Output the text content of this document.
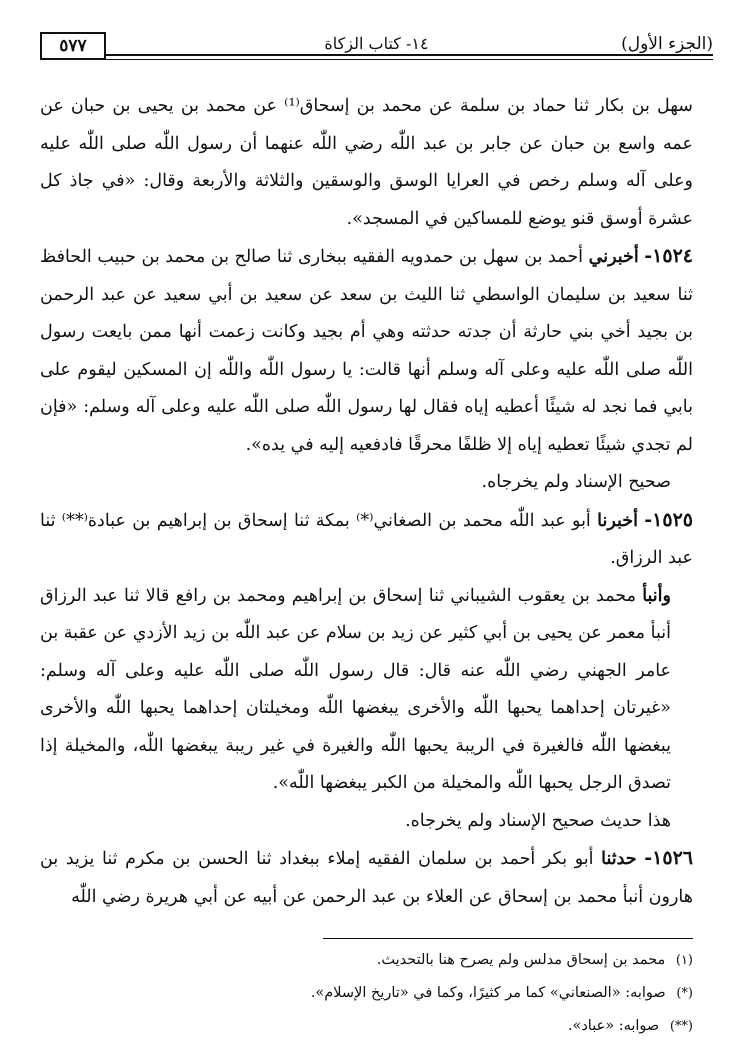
(الجزء الأول)
١٤- كتاب الزكاة
٥٧٧

سهل بن بكار ثنا حماد بن سلمة عن محمد بن إسحاق⁽¹⁾ عن محمد بن يحيى بن حبان عن عمه واسع بن حبان عن جابر بن عبد اللّٰه رضي اللّٰه عنهما أن رسول اللّٰه صلى اللّٰه عليه وعلى آله وسلم رخص في العرايا الوسق والوسقين والثلاثة والأربعة وقال: «في جاذ كل عشرة أوسق قنو يوضع للمساكين في المسجد».

١٥٢٤- أخبرني أحمد بن سهل بن حمدويه الفقيه ببخارى ثنا صالح بن محمد بن حبيب الحافظ ثنا سعيد بن سليمان الواسطي ثنا الليث بن سعد عن سعيد بن أبي سعيد عن عبد الرحمن بن بجيد أخي بني حارثة أن جدته حدثته وهي أم بجيد وكانت زعمت أنها ممن بايعت رسول اللّٰه صلى اللّٰه عليه وعلى آله وسلم أنها قالت: يا رسول اللّٰه واللّٰه إن المسكين ليقوم على بابي فما نجد له شيئًا أعطيه إياه فقال لها رسول اللّٰه صلى اللّٰه عليه وعلى آله وسلم: «فإن لم تجدي شيئًا تعطيه إياه إلا ظلفًا محرقًا فادفعيه إليه في يده».

صحيح الإسناد ولم يخرجاه.

١٥٢٥- أخبرنا أبو عبد اللّٰه محمد بن الصغاني⁽*⁾ بمكة ثنا إسحاق بن إبراهيم بن عبادة⁽**⁾ ثنا عبد الرزاق.

وأنبأ محمد بن يعقوب الشيباني ثنا إسحاق بن إبراهيم ومحمد بن رافع قالا ثنا عبد الرزاق أنبأ معمر عن يحيى بن أبي كثير عن زيد بن سلام عن عبد اللّٰه بن زيد الأزدي عن عقبة بن عامر الجهني رضي اللّٰه عنه قال: قال رسول اللّٰه صلى اللّٰه عليه وعلى آله وسلم: «غيرتان إحداهما يحبها اللّٰه والأخرى يبغضها اللّٰه ومخيلتان إحداهما يحبها اللّٰه والأخرى يبغضها اللّٰه فالغيرة في الريبة يحبها اللّٰه والغيرة في غير ريبة يبغضها اللّٰه، والمخيلة إذا تصدق الرجل يحبها اللّٰه والمخيلة من الكبر يبغضها اللّٰه».

هذا حديث صحيح الإسناد ولم يخرجاه.

١٥٢٦- حدثنا أبو بكر أحمد بن سلمان الفقيه إملاء ببغداد ثنا الحسن بن مكرم ثنا يزيد بن هارون أنبأ محمد بن إسحاق عن العلاء بن عبد الرحمن عن أبيه عن أبي هريرة رضي اللّٰه

(١) محمد بن إسحاق مدلس ولم يصرح هنا بالتحديث.

(*) صوابه: «الصنعاني» كما مر كثيرًا، وكما في «تاريخ الإسلام».

(**) صوابه: «عباد».
